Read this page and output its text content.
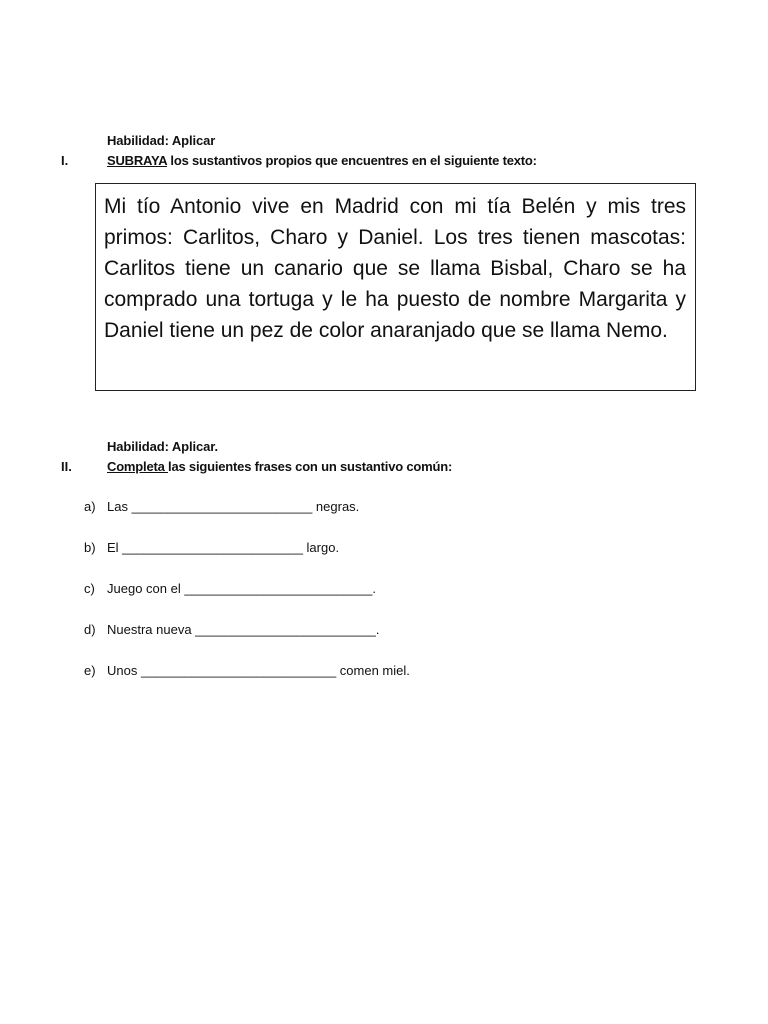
Habilidad: Aplicar
I.	SUBRAYA los sustantivos propios que encuentres en el siguiente texto:

Mi tío Antonio vive en Madrid con mi tía Belén y mis tres primos: Carlitos, Charo y Daniel. Los tres tienen mascotas: Carlitos tiene un canario que se llama Bisbal, Charo se ha comprado una tortuga y le ha puesto de nombre Margarita y Daniel tiene un pez de color anaranjado que se llama Nemo.

Habilidad: Aplicar.
II.	Completa las siguientes frases con un sustantivo común:
a) Las _________________________ negras.
b) El _________________________ largo.
c) Juego con el __________________________.
d) Nuestra nueva _________________________.
e) Unos ___________________________ comen miel.
